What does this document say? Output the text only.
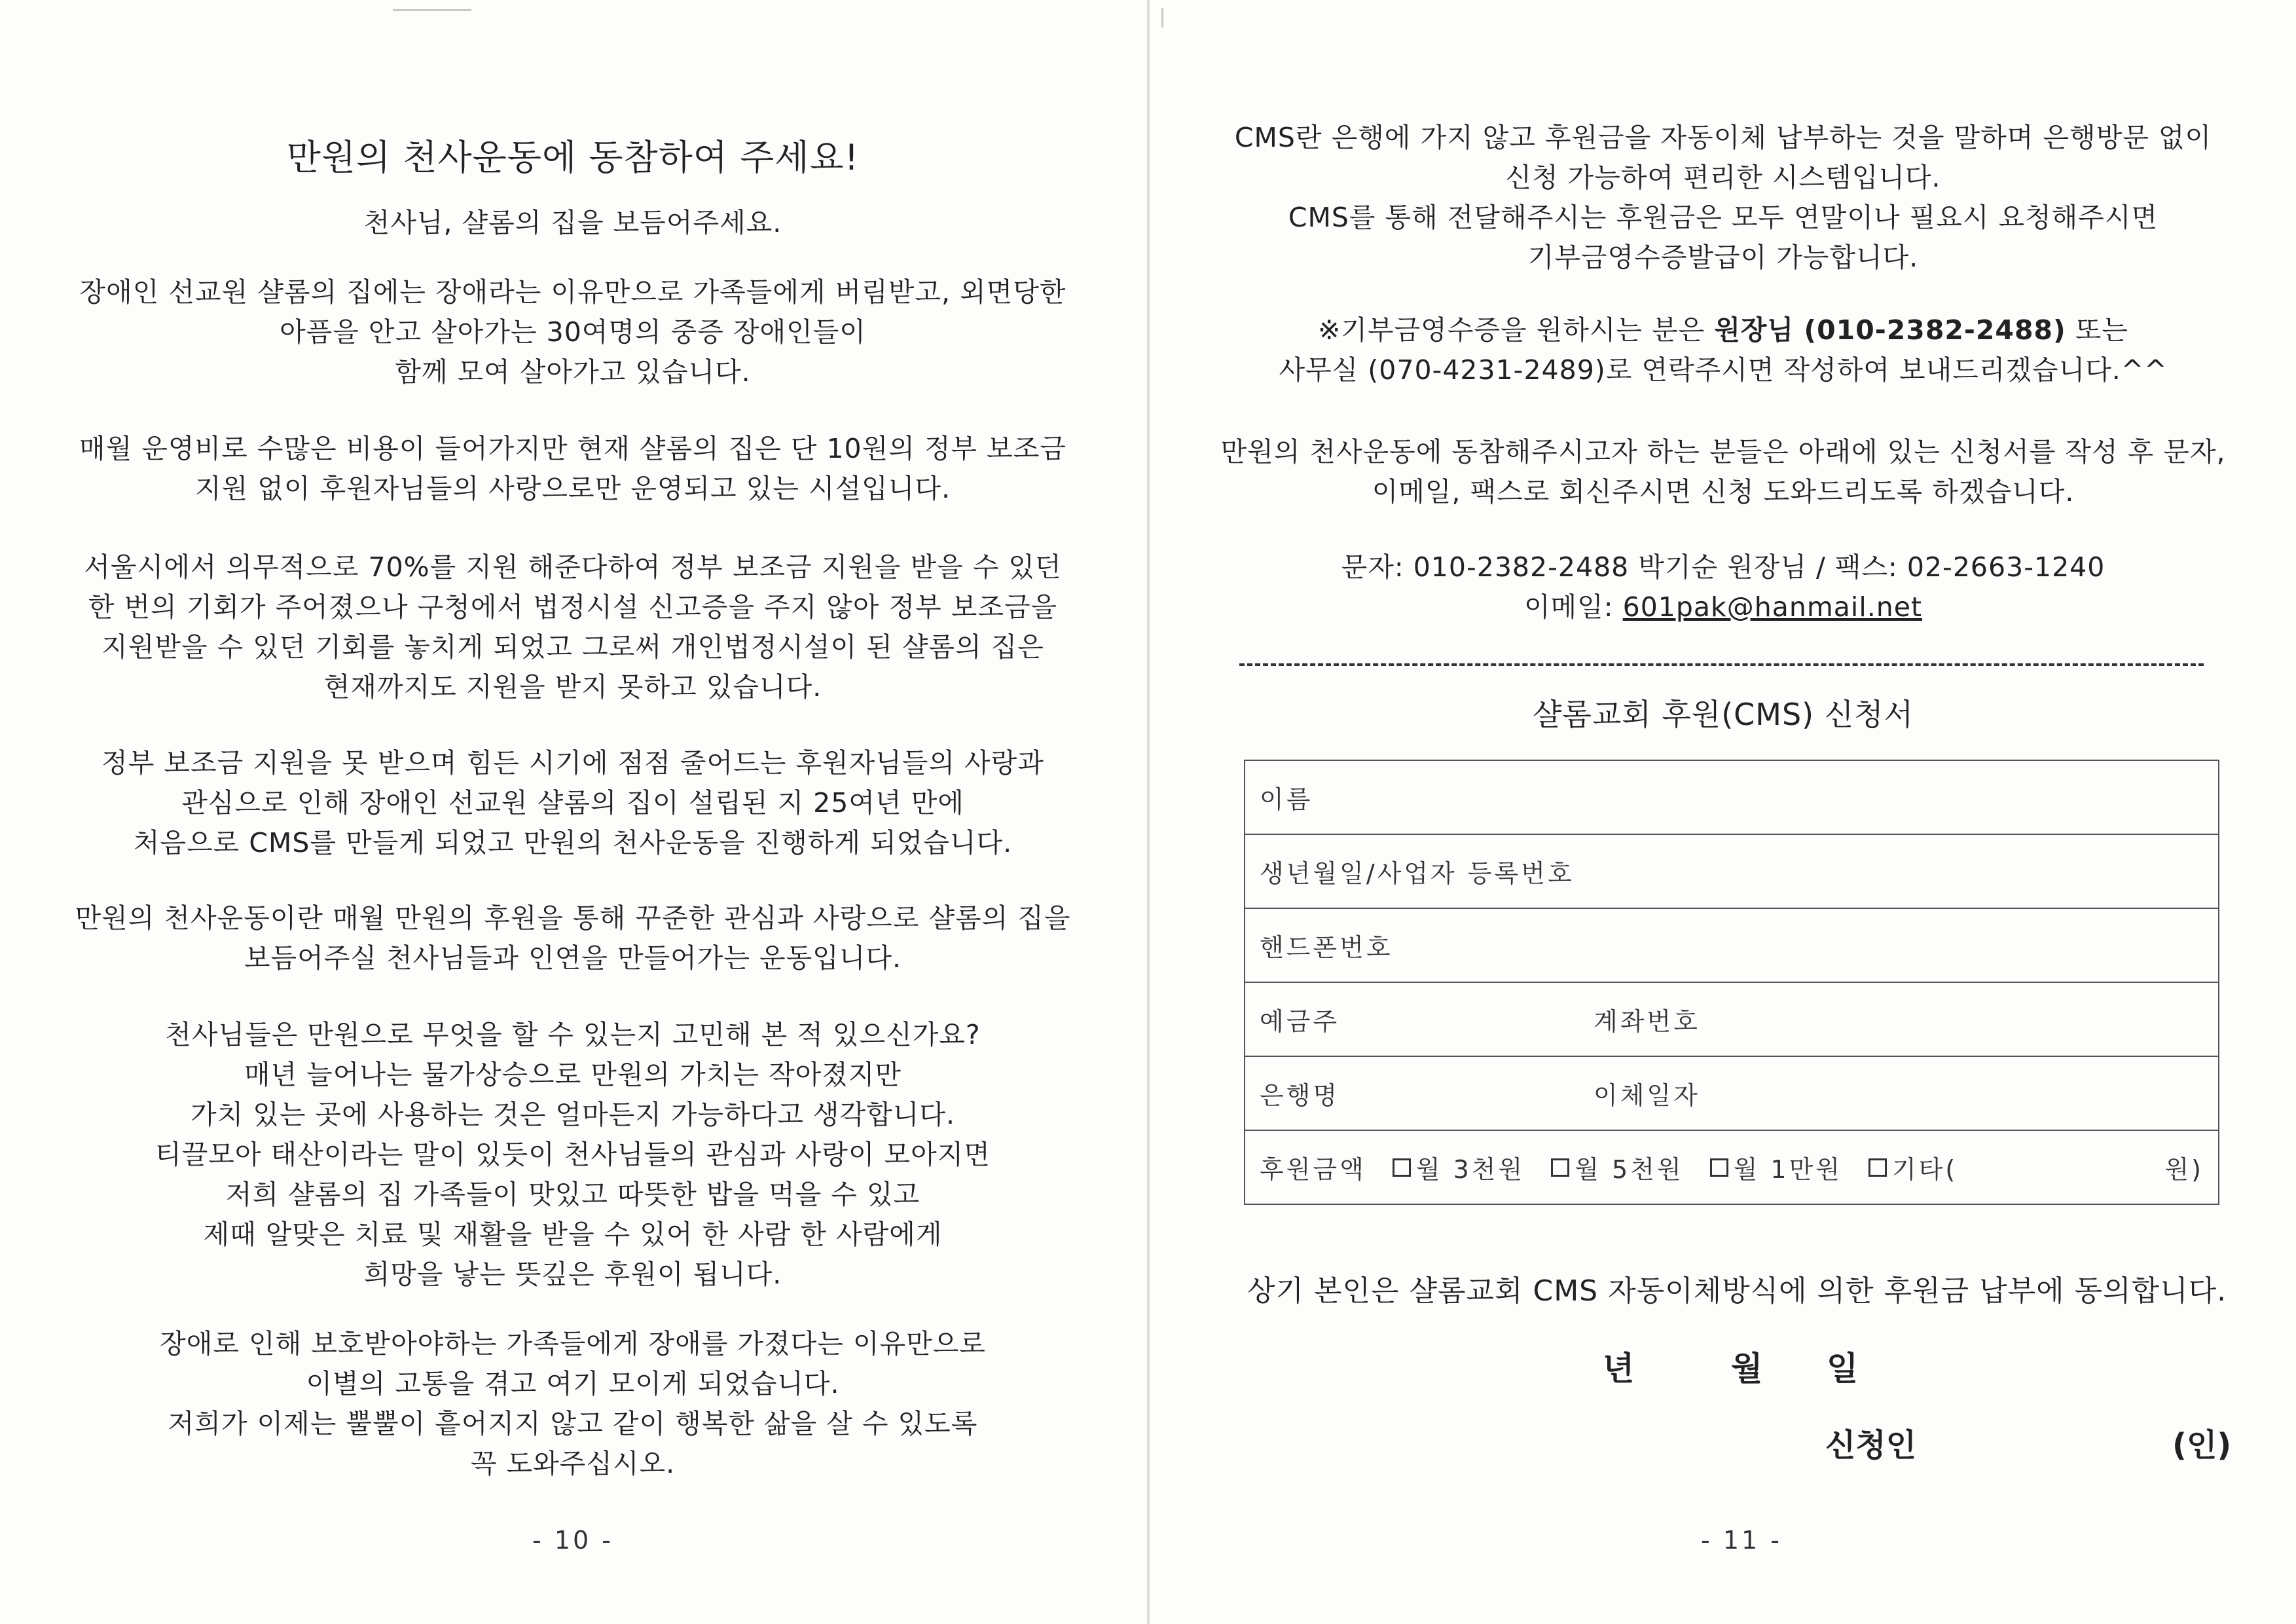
만원의 천사운동에 동참하여 주세요!
천사님, 샬롬의 집을 보듬어주세요.
장애인 선교원 샬롬의 집에는 장애라는 이유만으로 가족들에게 버림받고, 외면당한
아픔을 안고 살아가는 30여명의 중증 장애인들이
함께 모여 살아가고 있습니다.
매월 운영비로 수많은 비용이 들어가지만 현재 샬롬의 집은 단 10원의 정부 보조금
지원 없이 후원자님들의 사랑으로만 운영되고 있는 시설입니다.
서울시에서 의무적으로 70%를 지원 해준다하여 정부 보조금 지원을 받을 수 있던
한 번의 기회가 주어졌으나 구청에서 법정시설 신고증을 주지 않아 정부 보조금을
지원받을 수 있던 기회를 놓치게 되었고 그로써 개인법정시설이 된 샬롬의 집은
현재까지도 지원을 받지 못하고 있습니다.
정부 보조금 지원을 못 받으며 힘든 시기에 점점 줄어드는 후원자님들의 사랑과
관심으로 인해 장애인 선교원 샬롬의 집이 설립된 지 25여년 만에
처음으로 CMS를 만들게 되었고 만원의 천사운동을 진행하게 되었습니다.
만원의 천사운동이란 매월 만원의 후원을 통해 꾸준한 관심과 사랑으로 샬롬의 집을
보듬어주실 천사님들과 인연을 만들어가는 운동입니다.
천사님들은 만원으로 무엇을 할 수 있는지 고민해 본 적 있으신가요?
매년 늘어나는 물가상승으로 만원의 가치는 작아졌지만
가치 있는 곳에 사용하는 것은 얼마든지 가능하다고 생각합니다.
티끌모아 태산이라는 말이 있듯이 천사님들의 관심과 사랑이 모아지면
저희 샬롬의 집 가족들이 맛있고 따뜻한 밥을 먹을 수 있고
제때 알맞은 치료 및 재활을 받을 수 있어 한 사람 한 사람에게
희망을 낳는 뜻깊은 후원이 됩니다.
장애로 인해 보호받아야하는 가족들에게 장애를 가졌다는 이유만으로
이별의 고통을 겪고 여기 모이게 되었습니다.
저희가 이제는 뿔뿔이 흩어지지 않고 같이 행복한 삶을 살 수 있도록
꼭 도와주십시오.
- 10 -
CMS란 은행에 가지 않고 후원금을 자동이체 납부하는 것을 말하며 은행방문 없이
신청 가능하여 편리한 시스템입니다.
CMS를 통해 전달해주시는 후원금은 모두 연말이나 필요시 요청해주시면
기부금영수증발급이 가능합니다.
※기부금영수증을 원하시는 분은 원장님 (010-2382-2488) 또는
사무실 (070-4231-2489)로 연락주시면 작성하여 보내드리겠습니다.^^
만원의 천사운동에 동참해주시고자 하는 분들은 아래에 있는 신청서를 작성 후 문자,
이메일, 팩스로 회신주시면 신청 도와드리도록 하겠습니다.
문자: 010-2382-2488 박기순 원장님 / 팩스: 02-2663-1240
이메일: 601pak@hanmail.net
샬롬교회 후원(CMS) 신청서
이름
생년월일/사업자 등록번호
핸드폰번호
예금주	계좌번호
은행명	이체일자

후원금액 월 3천원 월 5천원 월 1만원 기타(	원)
상기 본인은 샬롬교회 CMS 자동이체방식에 의한 후원금 납부에 동의합니다.
년	월 일
신청인	(인)
- 11 -
